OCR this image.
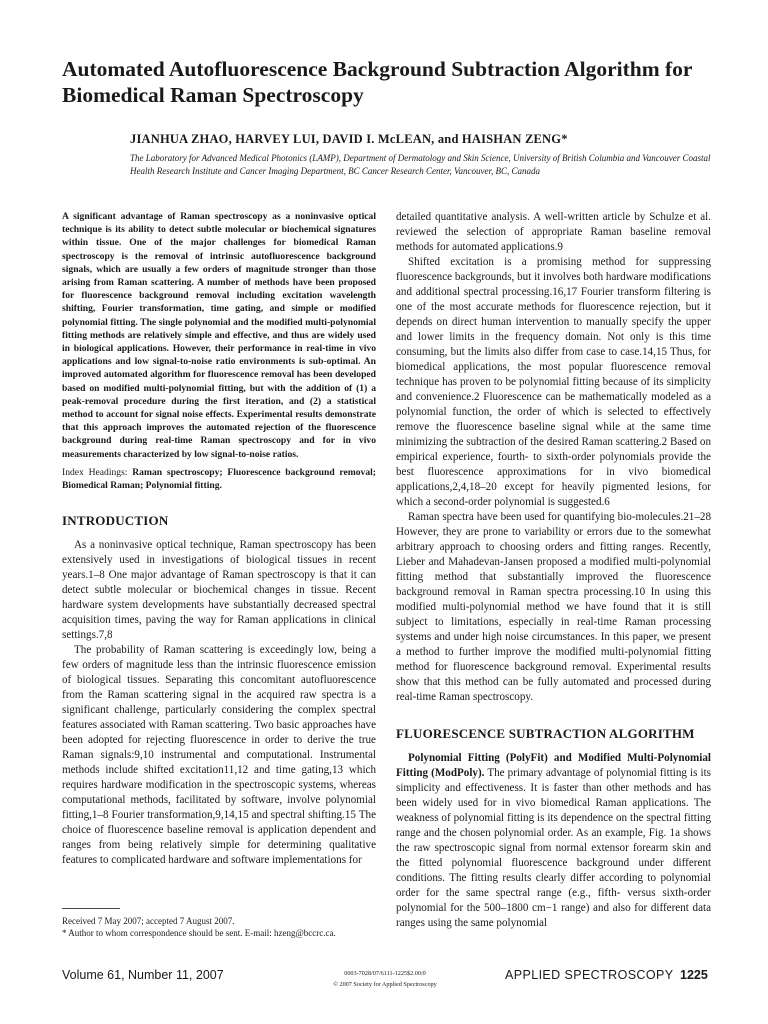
Automated Autofluorescence Background Subtraction Algorithm for Biomedical Raman Spectroscopy

JIANHUA ZHAO, HARVEY LUI, DAVID I. McLEAN, and HAISHAN ZENG*

The Laboratory for Advanced Medical Photonics (LAMP), Department of Dermatology and Skin Science, University of British Columbia and Vancouver Coastal Health Research Institute and Cancer Imaging Department, BC Cancer Research Center, Vancouver, BC, Canada

A significant advantage of Raman spectroscopy as a noninvasive optical technique is its ability to detect subtle molecular or biochemical signatures within tissue. One of the major challenges for biomedical Raman spectroscopy is the removal of intrinsic autofluorescence background signals, which are usually a few orders of magnitude stronger than those arising from Raman scattering. A number of methods have been proposed for fluorescence background removal including excitation wavelength shifting, Fourier transformation, time gating, and simple or modified polynomial fitting. The single polynomial and the modified multi-polynomial fitting methods are relatively simple and effective, and thus are widely used in biological applications. However, their performance in real-time in vivo applications and low signal-to-noise ratio environments is sub-optimal. An improved automated algorithm for fluorescence removal has been developed based on modified multi-polynomial fitting, but with the addition of (1) a peak-removal procedure during the first iteration, and (2) a statistical method to account for signal noise effects. Experimental results demonstrate that this approach improves the automated rejection of the fluorescence background during real-time Raman spectroscopy and for in vivo measurements characterized by low signal-to-noise ratios.

Index Headings: Raman spectroscopy; Fluorescence background removal; Biomedical Raman; Polynomial fitting.

INTRODUCTION

As a noninvasive optical technique, Raman spectroscopy has been extensively used in investigations of biological tissues in recent years.1–8 One major advantage of Raman spectroscopy is that it can detect subtle molecular or biochemical changes in tissue. Recent hardware system developments have substantially decreased spectral acquisition times, paving the way for Raman applications in clinical settings.7,8

The probability of Raman scattering is exceedingly low, being a few orders of magnitude less than the intrinsic fluorescence emission of biological tissues. Separating this concomitant autofluorescence from the Raman scattering signal in the acquired raw spectra is a significant challenge, particularly considering the complex spectral features associated with Raman scattering. Two basic approaches have been adopted for rejecting fluorescence in order to derive the true Raman signals:9,10 instrumental and computational. Instrumental methods include shifted excitation11,12 and time gating,13 which requires hardware modification in the spectroscopic systems, whereas computational methods, facilitated by software, involve polynomial fitting,1–8 Fourier transformation,9,14,15 and spectral shifting.15 The choice of fluorescence baseline removal is application dependent and ranges from being relatively simple for determining qualitative features to complicated hardware and software implementations for

detailed quantitative analysis. A well-written article by Schulze et al. reviewed the selection of appropriate Raman baseline removal methods for automated applications.9

Shifted excitation is a promising method for suppressing fluorescence backgrounds, but it involves both hardware modifications and additional spectral processing.16,17 Fourier transform filtering is one of the most accurate methods for fluorescence rejection, but it depends on direct human intervention to manually specify the upper and lower limits in the frequency domain. Not only is this time consuming, but the limits also differ from case to case.14,15 Thus, for biomedical applications, the most popular fluorescence removal technique has proven to be polynomial fitting because of its simplicity and convenience.2 Fluorescence can be mathematically modeled as a polynomial function, the order of which is selected to effectively remove the fluorescence baseline signal while at the same time minimizing the subtraction of the desired Raman scattering.2 Based on empirical experience, fourth- to sixth-order polynomials provide the best fluorescence approximations for in vivo biomedical applications,2,4,18–20 except for heavily pigmented lesions, for which a second-order polynomial is suggested.6

Raman spectra have been used for quantifying bio-molecules.21–28 However, they are prone to variability or errors due to the somewhat arbitrary approach to choosing orders and fitting ranges. Recently, Lieber and Mahadevan-Jansen proposed a modified multi-polynomial fitting method that substantially improved the fluorescence background removal in Raman spectra processing.10 In using this modified multi-polynomial method we have found that it is still subject to limitations, especially in real-time Raman processing systems and under high noise circumstances. In this paper, we present a method to further improve the modified multi-polynomial fitting method for fluorescence background removal. Experimental results show that this method can be fully automated and processed during real-time Raman spectroscopy.

FLUORESCENCE SUBTRACTION ALGORITHM

Polynomial Fitting (PolyFit) and Modified Multi-Polynomial Fitting (ModPoly). The primary advantage of polynomial fitting is its simplicity and effectiveness. It is faster than other methods and has been widely used for in vivo biomedical Raman applications. The weakness of polynomial fitting is its dependence on the spectral fitting range and the chosen polynomial order. As an example, Fig. 1a shows the raw spectroscopic signal from normal extensor forearm skin and the fitted polynomial fluorescence background under different conditions. The fitting results clearly differ according to polynomial order for the same spectral range (e.g., fifth- versus sixth-order polynomial for the 500–1800 cm−1 range) and also for different data ranges using the same polynomial

Received 7 May 2007; accepted 7 August 2007.
* Author to whom correspondence should be sent. E-mail: hzeng@bccrc.ca.
Volume 61, Number 11, 2007	0003-7028/07/6111-1225$2.00/0
© 2007 Society for Applied Spectroscopy
APPLIED SPECTROSCOPY 1225
